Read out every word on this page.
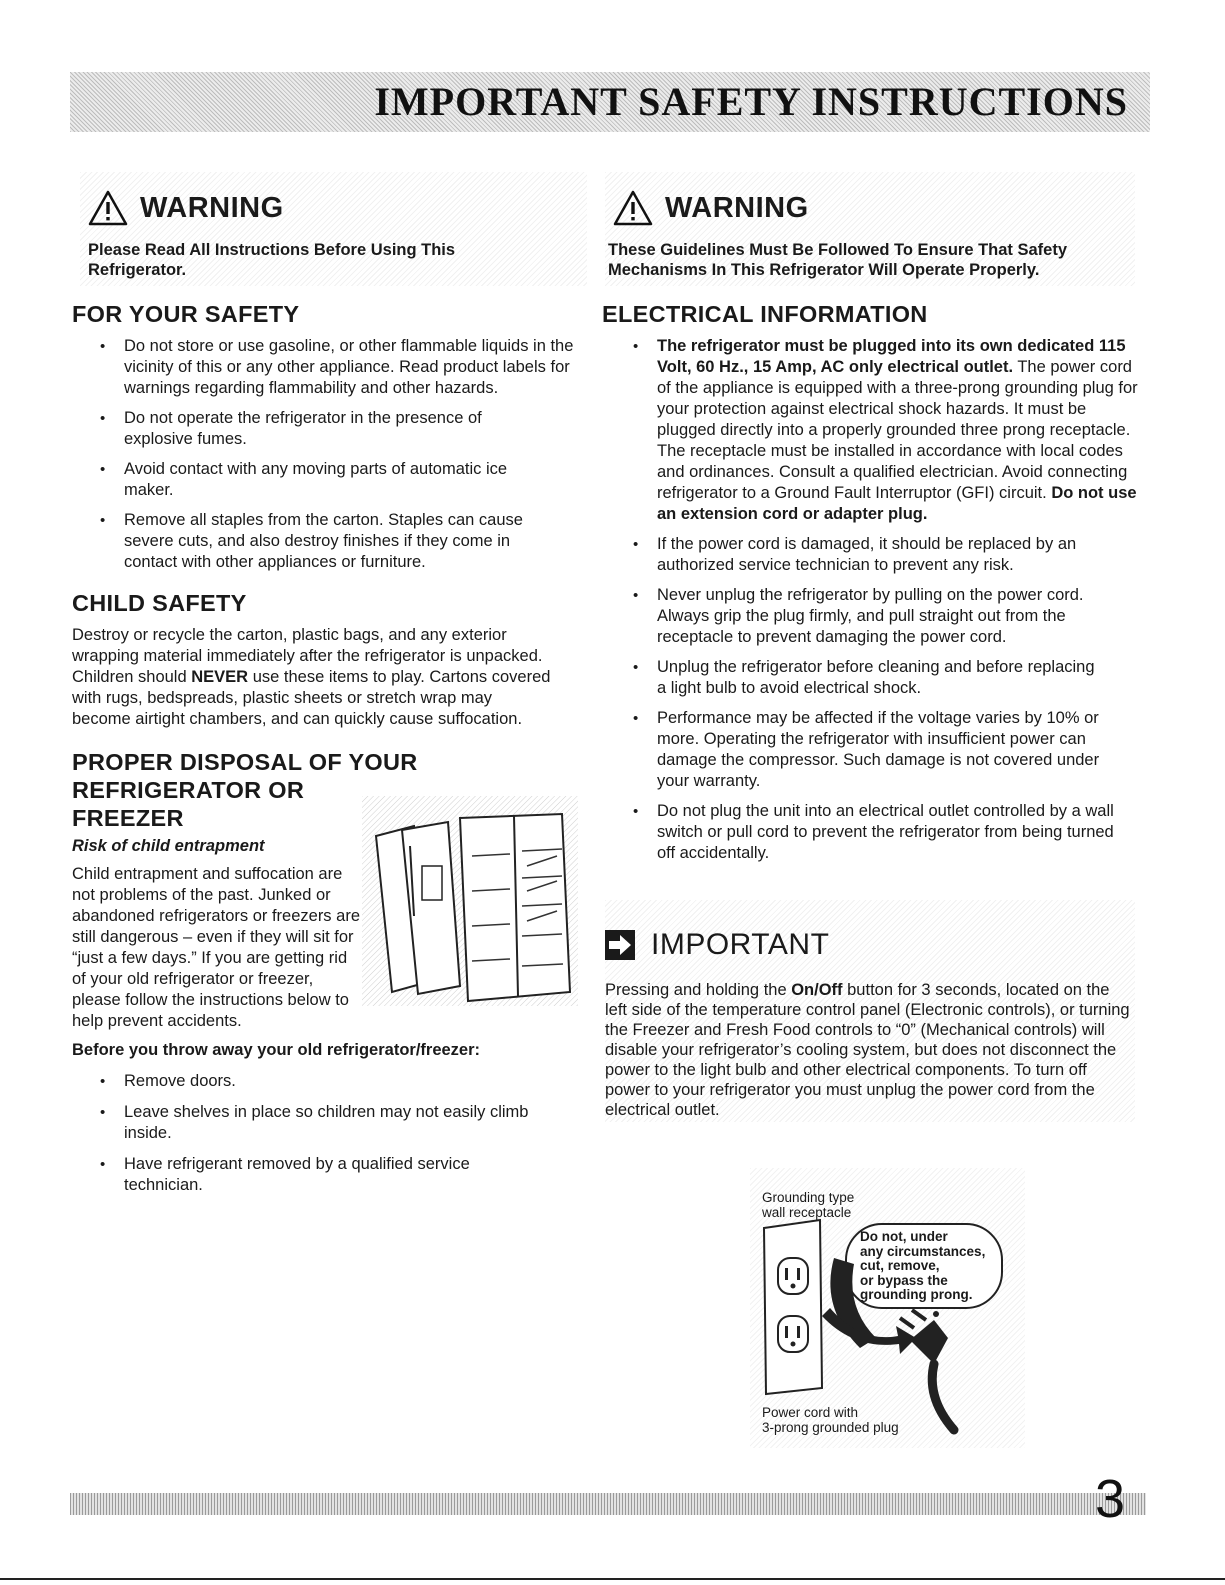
IMPORTANT SAFETY INSTRUCTIONS
WARNING
Please Read All Instructions Before Using This Refrigerator.
FOR YOUR SAFETY
• Do not store or use gasoline, or other flammable liquids in the vicinity of this or any other appliance. Read product labels for warnings regarding flammability and other hazards.
• Do not operate the refrigerator in the presence of explosive fumes.
• Avoid contact with any moving parts of automatic ice maker.
• Remove all staples from the carton. Staples can cause severe cuts, and also destroy finishes if they come in contact with other appliances or furniture.
CHILD SAFETY

Destroy or recycle the carton, plastic bags, and any exterior wrapping material immediately after the refrigerator is unpacked. Children should NEVER use these items to play. Cartons covered with rugs, bedspreads, plastic sheets or stretch wrap may become airtight chambers, and can quickly cause suffocation.

PROPER DISPOSAL OF YOUR
REFRIGERATOR OR
FREEZER
Risk of child entrapment

Child entrapment and suffocation are not problems of the past. Junked or abandoned refrigerators or freezers are still dangerous – even if they will sit for “just a few days.” If you are getting rid of your old refrigerator or freezer, please follow the instructions below to help prevent accidents.

Before you throw away your old refrigerator/freezer:

• Remove doors.
• Leave shelves in place so children may not easily climb inside.
• Have refrigerant removed by a qualified service technician.
WARNING
These Guidelines Must Be Followed To Ensure That Safety Mechanisms In This Refrigerator Will Operate Properly.
ELECTRICAL INFORMATION
• The refrigerator must be plugged into its own dedicated 115 Volt, 60 Hz., 15 Amp, AC only electrical outlet. The power cord of the appliance is equipped with a three-prong grounding plug for your protection against electrical shock hazards. It must be plugged directly into a properly grounded three prong receptacle. The receptacle must be installed in accordance with local codes and ordinances. Consult a qualified electrician. Avoid connecting refrigerator to a Ground Fault Interruptor (GFI) circuit. Do not use an extension cord or adapter plug.
• If the power cord is damaged, it should be replaced by an authorized service technician to prevent any risk.
• Never unplug the refrigerator by pulling on the power cord. Always grip the plug firmly, and pull straight out from the receptacle to prevent damaging the power cord.
• Unplug the refrigerator before cleaning and before replacing a light bulb to avoid electrical shock.
• Performance may be affected if the voltage varies by 10% or more. Operating the refrigerator with insufficient power can damage the compressor. Such damage is not covered under your warranty.
• Do not plug the unit into an electrical outlet controlled by a wall switch or pull cord to prevent the refrigerator from being turned off accidentally.
IMPORTANT
Pressing and holding the On/Off button for 3 seconds, located on the left side of the temperature control panel (Electronic controls), or turning the Freezer and Fresh Food controls to “0” (Mechanical controls) will disable your refrigerator’s cooling system, but does not disconnect the power to the light bulb and other electrical components. To turn off power to your refrigerator you must unplug the power cord from the electrical outlet.
Grounding type
wall receptacle
Do not, under
any circumstances,
cut, remove,
or bypass the
grounding prong.
Power cord with
3-prong grounded plug
3
